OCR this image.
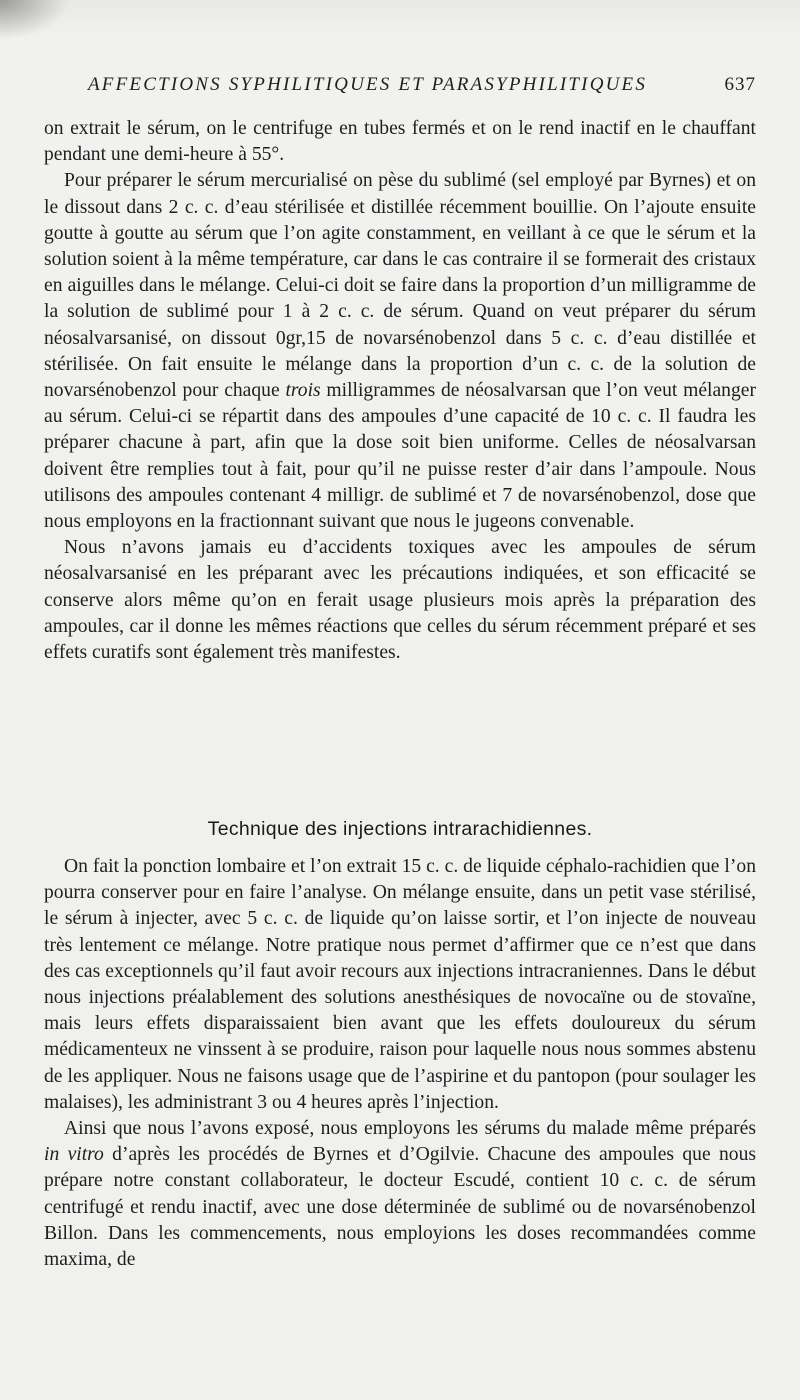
AFFECTIONS SYPHILITIQUES ET PARASYPHILITIQUES	637

on extrait le sérum, on le centrifuge en tubes fermés et on le rend inactif en le chauffant pendant une demi-heure à 55°.

Pour préparer le sérum mercurialisé on pèse du sublimé (sel employé par Byrnes) et on le dissout dans 2 c. c. d’eau stérilisée et distillée récemment bouillie. On l’ajoute ensuite goutte à goutte au sérum que l’on agite constamment, en veillant à ce que le sérum et la solution soient à la même température, car dans le cas contraire il se formerait des cristaux en aiguilles dans le mélange. Celui-ci doit se faire dans la proportion d’un milligramme de la solution de sublimé pour 1 à 2 c. c. de sérum. Quand on veut préparer du sérum néosalvarsanisé, on dissout 0gr,15 de novarsénobenzol dans 5 c. c. d’eau distillée et stérilisée. On fait ensuite le mélange dans la proportion d’un c. c. de la solution de novarsénobenzol pour chaque trois milligrammes de néosalvarsan que l’on veut mélanger au sérum. Celui-ci se répartit dans des ampoules d’une capacité de 10 c. c. Il faudra les préparer chacune à part, afin que la dose soit bien uniforme. Celles de néosalvarsan doivent être remplies tout à fait, pour qu’il ne puisse rester d’air dans l’ampoule. Nous utilisons des ampoules contenant 4 milligr. de sublimé et 7 de novarsénobenzol, dose que nous employons en la fractionnant suivant que nous le jugeons convenable.

Nous n’avons jamais eu d’accidents toxiques avec les ampoules de sérum néosalvarsanisé en les préparant avec les précautions indiquées, et son efficacité se conserve alors même qu’on en ferait usage plusieurs mois après la préparation des ampoules, car il donne les mêmes réactions que celles du sérum récemment préparé et ses effets curatifs sont également très manifestes.

Technique des injections intrarachidiennes.

On fait la ponction lombaire et l’on extrait 15 c. c. de liquide céphalo-rachidien que l’on pourra conserver pour en faire l’analyse. On mélange ensuite, dans un petit vase stérilisé, le sérum à injecter, avec 5 c. c. de liquide qu’on laisse sortir, et l’on injecte de nouveau très lentement ce mélange. Notre pratique nous permet d’affirmer que ce n’est que dans des cas exceptionnels qu’il faut avoir recours aux injections intracraniennes. Dans le début nous injections préalablement des solutions anesthésiques de novocaïne ou de stovaïne, mais leurs effets disparaissaient bien avant que les effets douloureux du sérum médicamenteux ne vinssent à se produire, raison pour laquelle nous nous sommes abstenu de les appliquer. Nous ne faisons usage que de l’aspirine et du pantopon (pour soulager les malaises), les administrant 3 ou 4 heures après l’injection.

Ainsi que nous l’avons exposé, nous employons les sérums du malade même préparés in vitro d’après les procédés de Byrnes et d’Ogilvie. Chacune des ampoules que nous prépare notre constant collaborateur, le docteur Escudé, contient 10 c. c. de sérum centrifugé et rendu inactif, avec une dose déterminée de sublimé ou de novarsénobenzol Billon. Dans les commencements, nous employions les doses recommandées comme maxima, de
